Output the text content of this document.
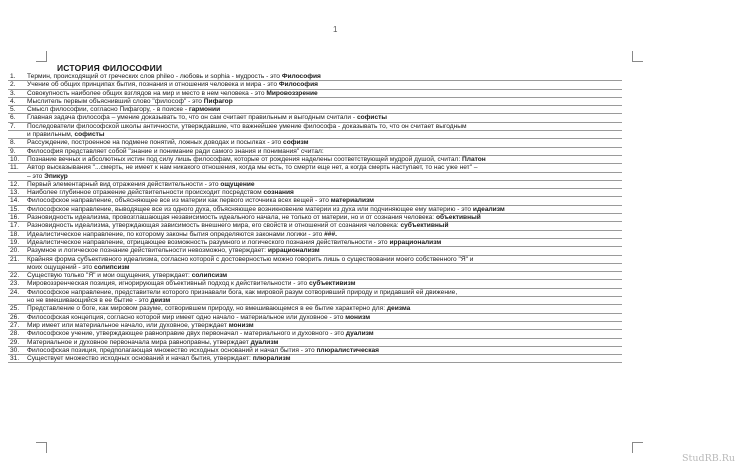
1
ИСТОРИЯ ФИЛОСОФИИ
1.	Термин, происходящий от греческих слов phileo - любовь и sophia - мудрость - это Философия
2.	Учение об общих принципах бытия, познания и отношения человека и мира - это Философия
3.	Совокупность наиболее общих взглядов на мир и место в нем человека - это Мировоззрение
4.	Мыслитель первым объяснивший слово "философ" - это Пифагор
5.	Смысл философии, согласно Пифагору, - в поиске - гармонии
6.	Главная задача философа – умение доказывать то, что он сам считает правильным и выгодным считали - софисты
7.	Последователи философской школы античности, утверждавшие, что важнейшее умение философа - доказывать то, что он считает выгодным
и правильным, софисты
8.	Рассуждение, построенное на подмене понятий, ложных доводах и посылках - это софизм
9.	Философия представляет собой "знание и понимание ради самого знания и понимания" считал:
10.	Познание вечных и абсолютных истин под силу лишь философам, которые от рождения наделены соответствующей мудрой душой, считал: Платон
11.	Автор высказывания "...смерть, не имеет к нам никакого отношения, когда мы есть, то смерти еще нет, а когда смерть наступает, то нас уже нет" –
– это Эпикур
12.	Первый элементарный вид отражения действительности - это ощущение
13.	Наиболее глубинное отражение действительности происходит посредством сознания
14.	Философское направление, объясняющее все из материи как первого источника всех вещей - это материализм
15.	Философское направление, выводящее все из одного духа, объясняющее возникновение материи из духа или подчиняющее ему материю - это идеализм
16.	Разновидность идеализма, провозглашающая независимость идеального начала, не только от материи, но и от сознания человека: объективный
17.	Разновидность идеализма, утверждающая зависимость внешнего мира, его свойств и отношений от сознания человека: субъективный
18.	Идеалистическое направление, по которому законы бытия определяются законами логики - это ###.
19.	Идеалистическое направление, отрицающее возможность разумного и логического познания действительности - это иррационализм
20.	Разумное и логическое познание действительности невозможно, утверждает: иррационализм
21.	Крайняя форма субъективного идеализма, согласно которой с достоверностью можно говорить лишь о существовании моего собственного "Я" и
моих ощущений - это солипсизм
22.	Существую только "Я" и мои ощущения, утверждает: солипсизм
23.	Мировоззренческая позиция, игнорирующая объективный подход к действительности - это субъективизм
24.	Философское направление, представители которого признавали бога, как мировой разум сотворивший природу и придавший ей движение,
но не вмешивающийся в ее бытие - это деизм
25.	Представление о боге, как мировом разуме, сотворившем природу, но вмешивающемся в ее бытие характерно для: деизма
26.	Философская концепция, согласно которой мир имеет одно начало - материальное или духовное - это монизм
27.	Мир имеет или материальное начало, или духовное, утверждает монизм
28.	Философское учение, утверждающее равноправие двух первоначал - материального и духовного - это дуализм
29.	Материальное и духовное первоначала мира равноправны, утверждает дуализм
30.	Философская позиция, предполагающая множество исходных оснований и начал бытия - это плюралистическая
31.	Существует множество исходных оснований и начал бытия, утверждает: плюрализм
StudRB.Ru
